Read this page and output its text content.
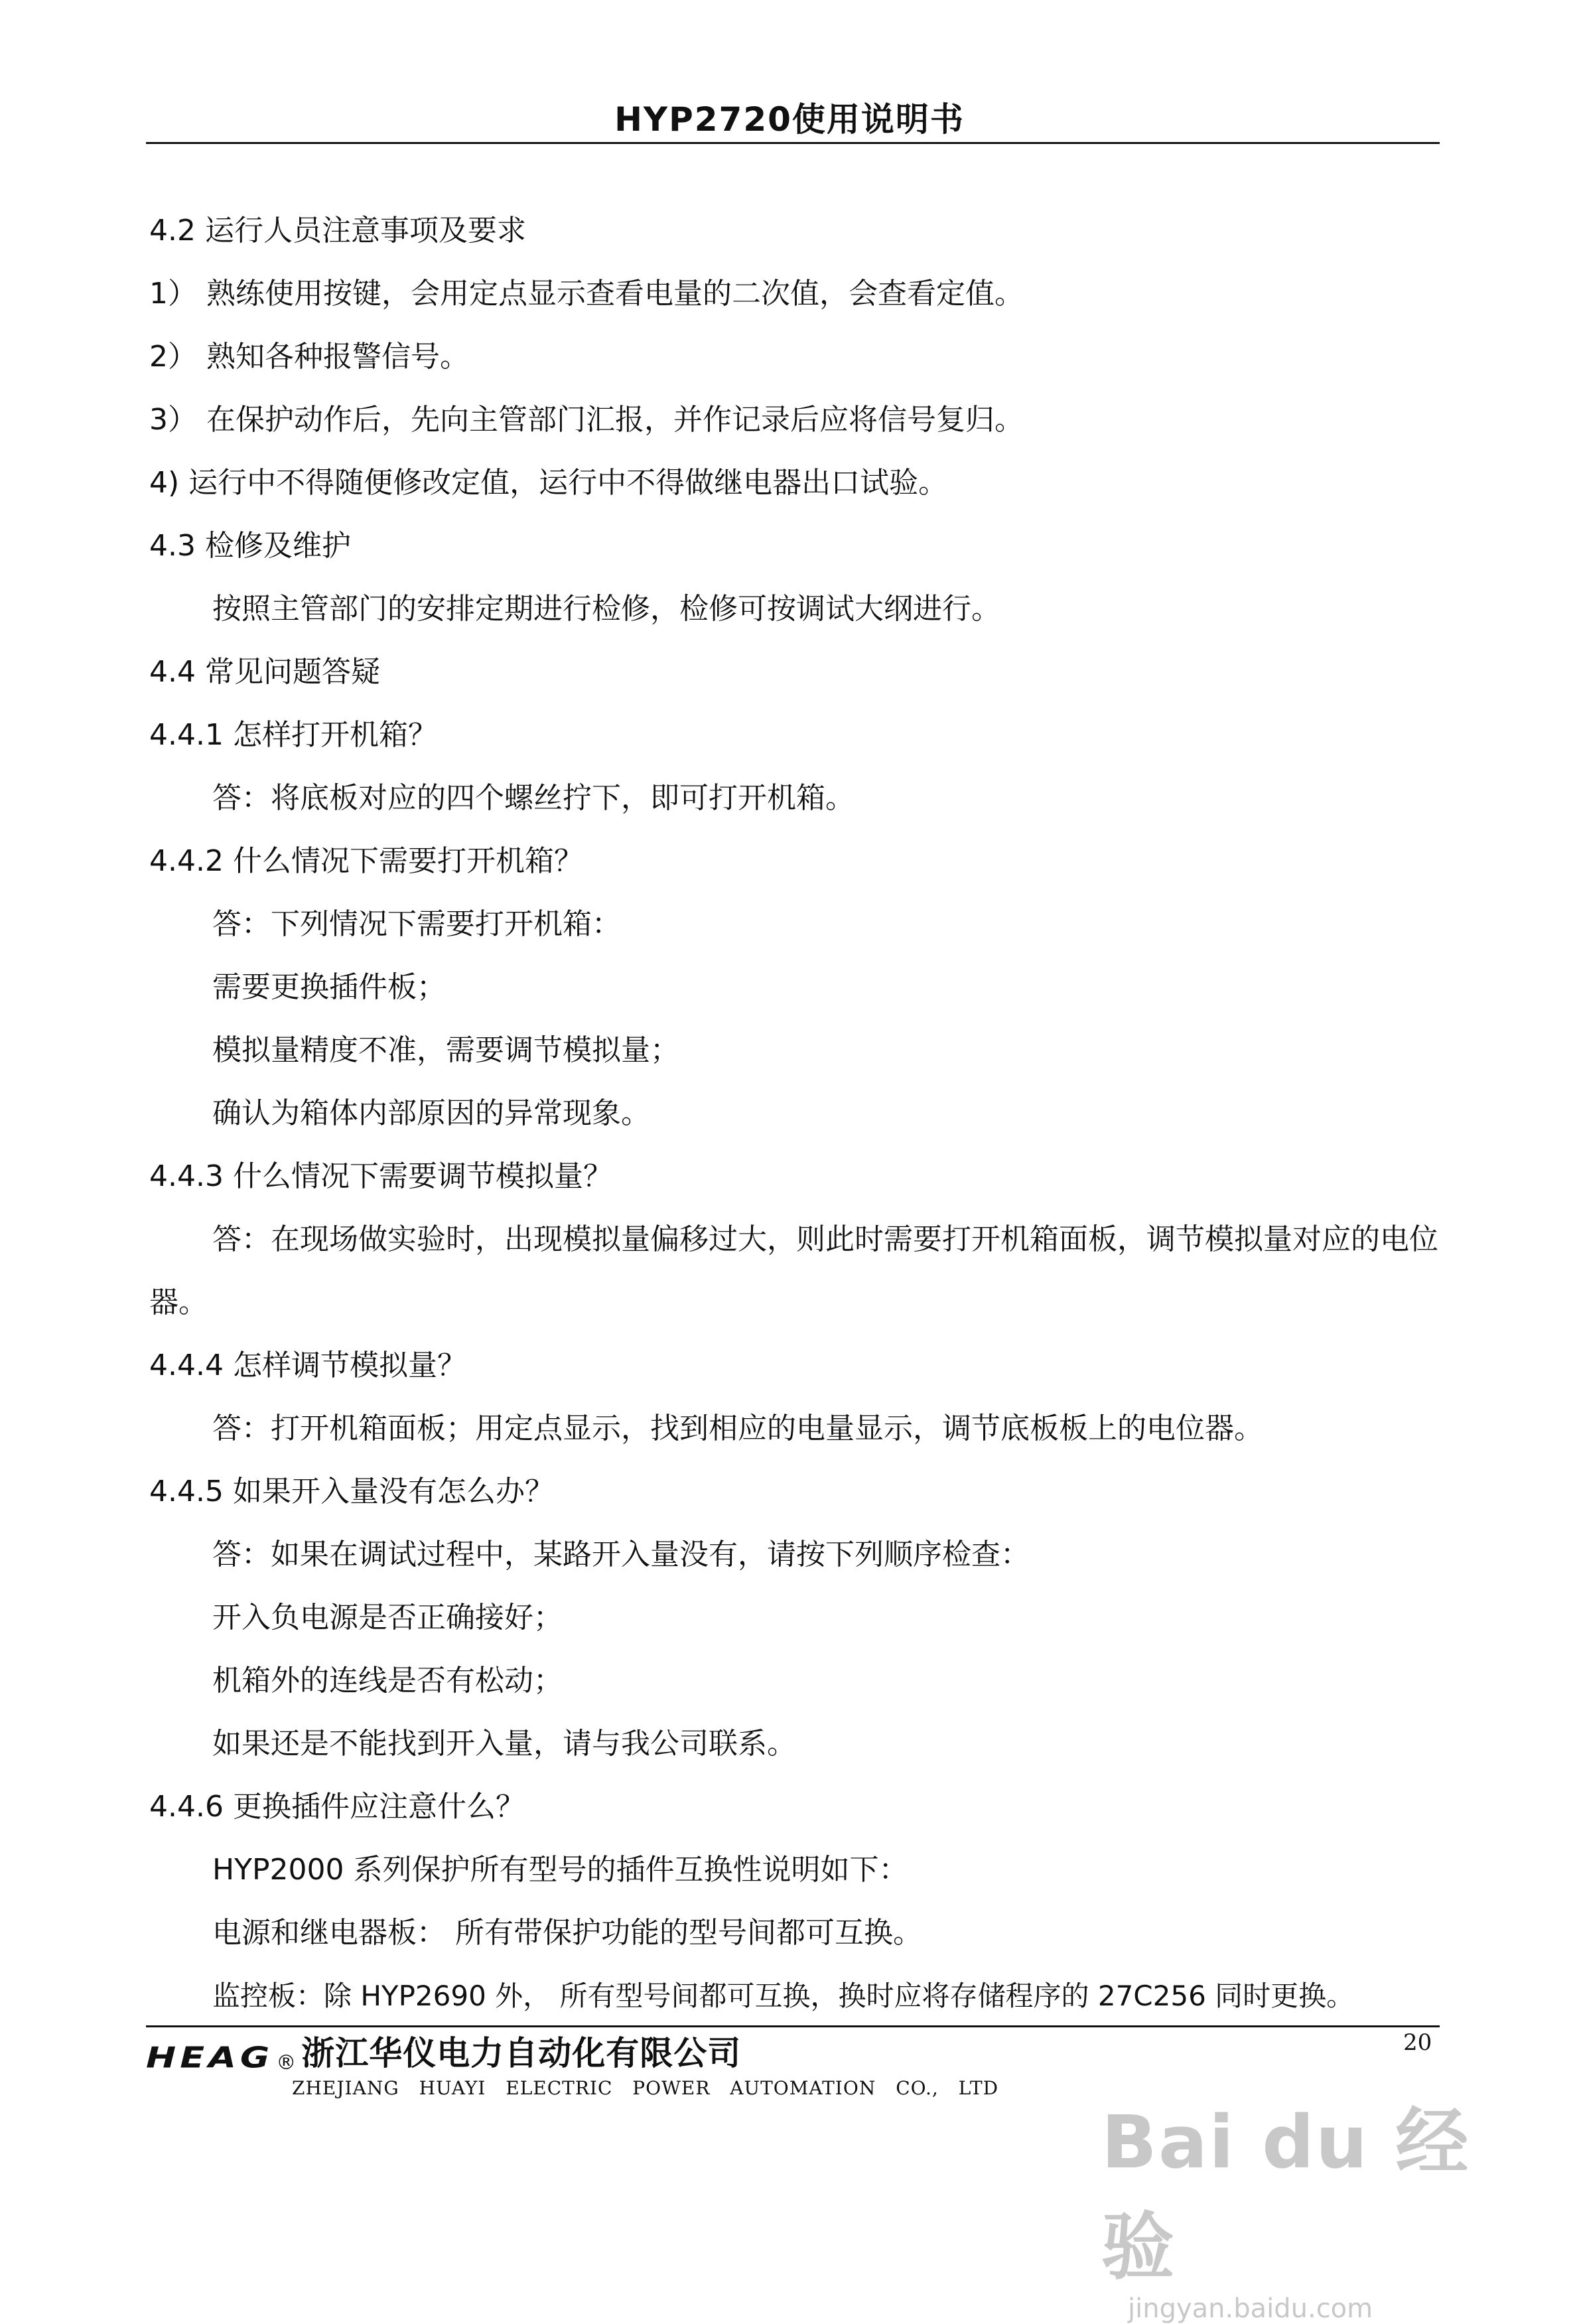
HYP2720使用说明书
4.2 运行人员注意事项及要求
1） 熟练使用按键，会用定点显示查看电量的二次值，会查看定值。
2） 熟知各种报警信号。
3） 在保护动作后，先向主管部门汇报，并作记录后应将信号复归。
4) 运行中不得随便修改定值，运行中不得做继电器出口试验。
4.3 检修及维护
按照主管部门的安排定期进行检修，检修可按调试大纲进行。
4.4 常见问题答疑
4.4.1 怎样打开机箱？
答：将底板对应的四个螺丝拧下，即可打开机箱。
4.4.2 什么情况下需要打开机箱？
答：下列情况下需要打开机箱：
需要更换插件板；
模拟量精度不准，需要调节模拟量；
确认为箱体内部原因的异常现象。
4.4.3 什么情况下需要调节模拟量？
答：在现场做实验时，出现模拟量偏移过大，则此时需要打开机箱面板，调节模拟量对应的电位器。
4.4.4 怎样调节模拟量？
答：打开机箱面板；用定点显示，找到相应的电量显示，调节底板板上的电位器。
4.4.5 如果开入量没有怎么办？
答：如果在调试过程中，某路开入量没有，请按下列顺序检查：
开入负电源是否正确接好；
机箱外的连线是否有松动；
如果还是不能找到开入量，请与我公司联系。
4.4.6 更换插件应注意什么？
HYP2000 系列保护所有型号的插件互换性说明如下：
电源和继电器板： 所有带保护功能的型号间都可互换。
监控板：除 HYP2690 外， 所有型号间都可互换，换时应将存储程序的 27C256 同时更换。
HEAG ® 浙江华仪电力自动化有限公司
ZHEJIANG HUAYI ELECTRIC POWER AUTOMATION CO., LTD
20
Bai du 经验
jingyan.baidu.com
